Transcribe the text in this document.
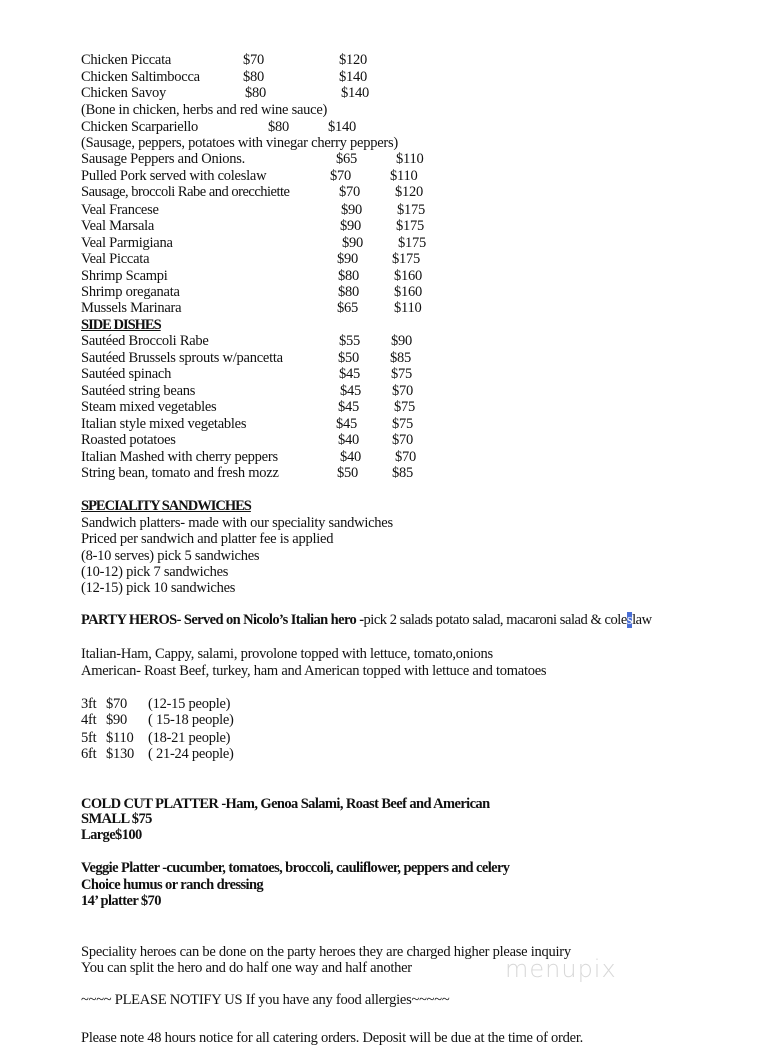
Chicken Piccata	$70	$120
Chicken Saltimbocca	$80	$140
Chicken Savoy	$80	$140
(Bone in chicken, herbs and red wine sauce)
Chicken Scarpariello	$80	$140
(Sausage, peppers, potatoes with vinegar cherry peppers)
Sausage Peppers and Onions.	$65	$110
Pulled Pork served with coleslaw	$70	$110
Sausage, broccoli Rabe and orecchiette	$70 $120
Veal Francese	$90 $175
Veal Marsala	$90 $175
Veal Parmigiana	$90 $175
Veal Piccata	$90 $175
Shrimp Scampi	$80 $160
Shrimp oreganata	$80 $160
Mussels Marinara	$65 $110
SIDE DISHES
Sautéed Broccoli Rabe	$55 $90
Sautéed Brussels sprouts w/pancetta	$50 $85
Sautéed spinach	$45 $75
Sautéed string beans	$45 $70
Steam mixed vegetables	$45 $75
Italian style mixed vegetables	$45 $75
Roasted potatoes	$40 $70
Italian Mashed with cherry peppers	$40 $70
String bean, tomato and fresh mozz	$50 $85
SPECIALITY SANDWICHES
Sandwich platters- made with our speciality sandwiches
Priced per sandwich and platter fee is applied
(8-10 serves) pick 5 sandwiches
(10-12) pick 7 sandwiches
(12-15) pick 10 sandwiches
PARTY HEROS- Served on Nicolo’s Italian hero -pick 2 salads potato salad, macaroni salad & coleslaw
Italian-Ham, Cappy, salami, provolone topped with lettuce, tomato,onions
American- Roast Beef, turkey, ham and American topped with lettuce and tomatoes
3ft $70 (12-15 people)
4ft $90 ( 15-18 people)
5ft $110 (18-21 people)
6ft $130 ( 21-24 people)
COLD CUT PLATTER -Ham, Genoa Salami, Roast Beef and American
SMALL $75
Large$100
Veggie Platter -cucumber, tomatoes, broccoli, cauliflower, peppers and celery
Choice humus or ranch dressing
14’ platter $70
Speciality heroes can be done on the party heroes they are charged higher please inquiry
You can split the hero and do half one way and half another
~~~~ PLEASE NOTIFY US If you have any food allergies~~~~~
Please note 48 hours notice for all catering orders. Deposit will be due at the time of order.
menupix
